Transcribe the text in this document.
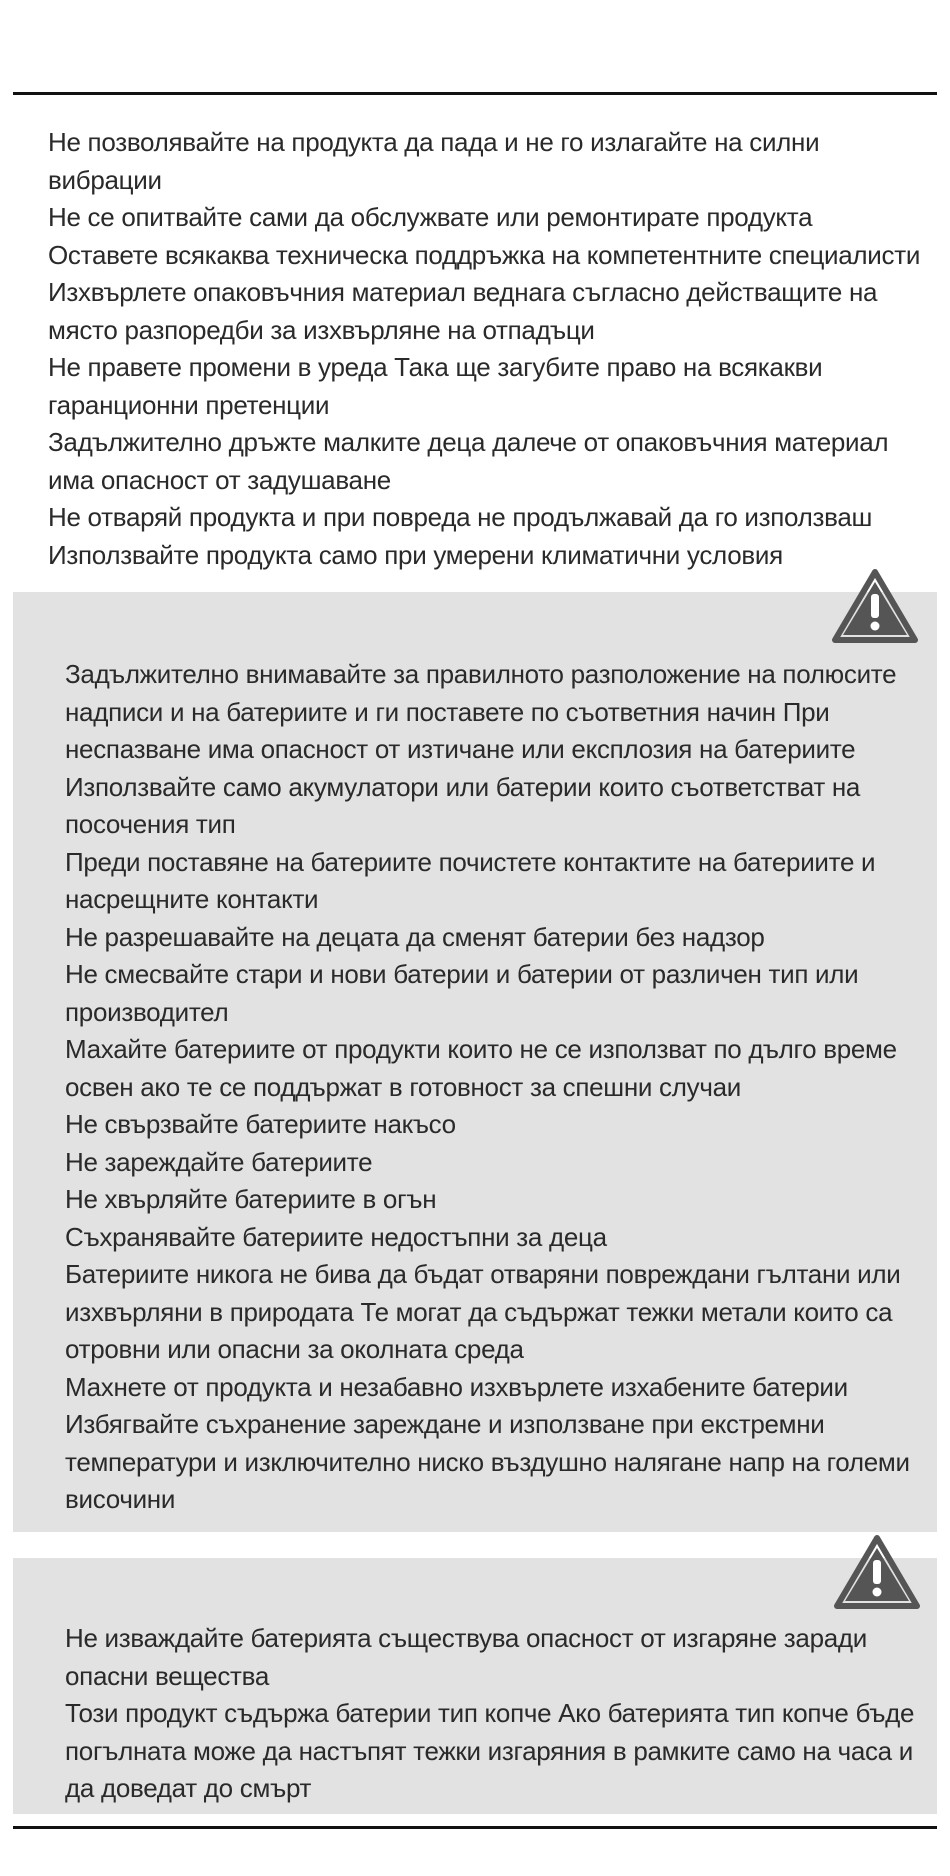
Не позволявайте на продукта да пада и не го излагайте на силни вибрации
Не се опитвайте сами да обслужвате или ремонтирате продукта
Оставете всякаква техническа поддръжка на компетентните специалисти
Изхвърлете опаковъчния материал веднага съгласно действащите на място разпоредби за изхвърляне на отпадъци
Не правете промени в уреда Така ще загубите право на всякакви гаранционни претенции
Задължително дръжте малките деца далече от опаковъчния материал има опасност от задушаване
Не отваряй продукта и при повреда не продължавай да го използваш
Използвайте продукта само при умерени климатични условия
Задължително внимавайте за правилното разположение на полюсите надписи и на батериите и ги поставете по съответния начин При неспазване има опасност от изтичане или експлозия на батериите
Използвайте само акумулатори или батерии които съответстват на посочения тип
Преди поставяне на батериите почистете контактите на батериите и насрещните контакти
Не разрешавайте на децата да сменят батерии без надзор
Не смесвайте стари и нови батерии и батерии от различен тип или производител
Махайте батериите от продукти които не се използват по дълго време освен ако те се поддържат в готовност за спешни случаи
Не свързвайте батериите накъсо
Не зареждайте батериите
Не хвърляйте батериите в огън
Съхранявайте батериите недостъпни за деца
Батериите никога не бива да бъдат отваряни повреждани гълтани или изхвърляни в природата Те могат да съдържат тежки метали които са отровни или опасни за околната среда
Махнете от продукта и незабавно изхвърлете изхабените батерии
Избягвайте съхранение зареждане и използване при екстремни температури и изключително ниско въздушно налягане напр на големи височини
Не изваждайте батерията съществува опасност от изгаряне заради опасни вещества
Този продукт съдържа батерии тип копче Ако батерията тип копче бъде погълната може да настъпят тежки изгаряния в рамките само на часа и да доведат до смърт
